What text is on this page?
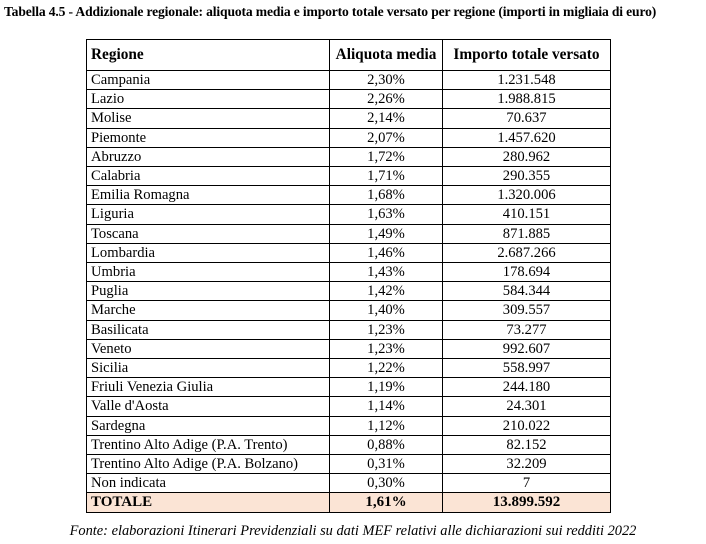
Tabella 4.5 - Addizionale regionale: aliquota media e importo totale versato per regione (importi in migliaia di euro)
Regione	Aliquota media	Importo totale versato
Campania	2,30%	1.231.548
Lazio	2,26%	1.988.815
Molise	2,14%	70.637
Piemonte	2,07%	1.457.620
Abruzzo	1,72%	280.962
Calabria	1,71%	290.355
Emilia Romagna	1,68%	1.320.006
Liguria	1,63%	410.151
Toscana	1,49%	871.885
Lombardia	1,46%	2.687.266
Umbria	1,43%	178.694
Puglia	1,42%	584.344
Marche	1,40%	309.557
Basilicata	1,23%	73.277
Veneto	1,23%	992.607
Sicilia	1,22%	558.997
Friuli Venezia Giulia	1,19%	244.180
Valle d'Aosta	1,14%	24.301
Sardegna	1,12%	210.022
Trentino Alto Adige (P.A. Trento)	0,88%	82.152
Trentino Alto Adige (P.A. Bolzano)	0,31%	32.209
Non indicata	0,30%	7
TOTALE	1,61%	13.899.592
Fonte: elaborazioni Itinerari Previdenziali su dati MEF relativi alle dichiarazioni sui redditi 2022
